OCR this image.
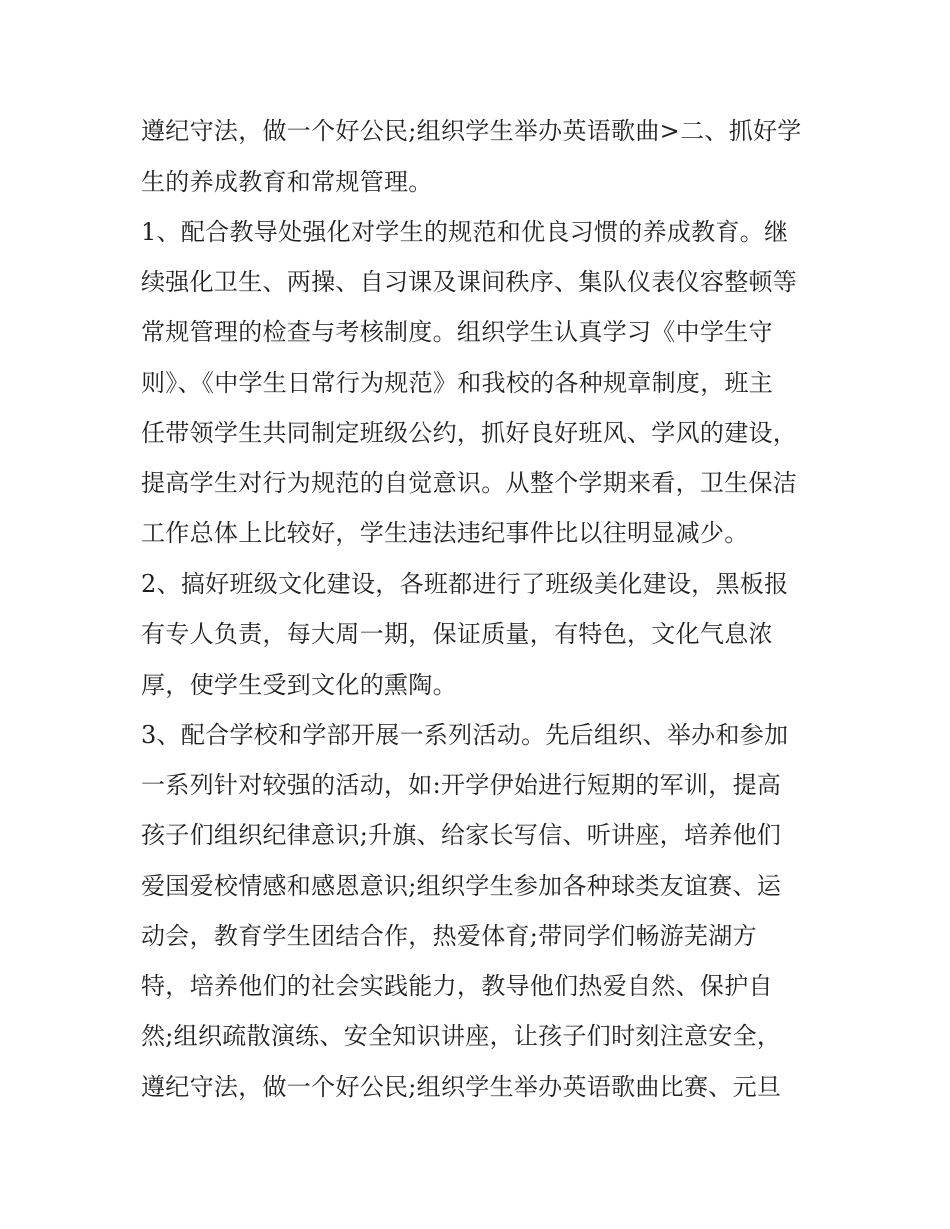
遵纪守法，做一个好公民;组织学生举办英语歌曲>二、抓好学
生的养成教育和常规管理。
1、配合教导处强化对学生的规范和优良习惯的养成教育。继
续强化卫生、两操、自习课及课间秩序、集队仪表仪容整顿等
常规管理的检查与考核制度。组织学生认真学习《中学生守
则》、《中学生日常行为规范》和我校的各种规章制度，班主
任带领学生共同制定班级公约，抓好良好班风、学风的建设，
提高学生对行为规范的自觉意识。从整个学期来看，卫生保洁
工作总体上比较好，学生违法违纪事件比以往明显减少。
2、搞好班级文化建设，各班都进行了班级美化建设，黑板报
有专人负责，每大周一期，保证质量，有特色，文化气息浓
厚，使学生受到文化的熏陶。
3、配合学校和学部开展一系列活动。先后组织、举办和参加
一系列针对较强的活动，如:开学伊始进行短期的军训，提高
孩子们组织纪律意识;升旗、给家长写信、听讲座，培养他们
爱国爱校情感和感恩意识;组织学生参加各种球类友谊赛、运
动会，教育学生团结合作，热爱体育;带同学们畅游芜湖方
特，培养他们的社会实践能力，教导他们热爱自然、保护自
然;组织疏散演练、安全知识讲座，让孩子们时刻注意安全，
遵纪守法，做一个好公民;组织学生举办英语歌曲比赛、元旦
